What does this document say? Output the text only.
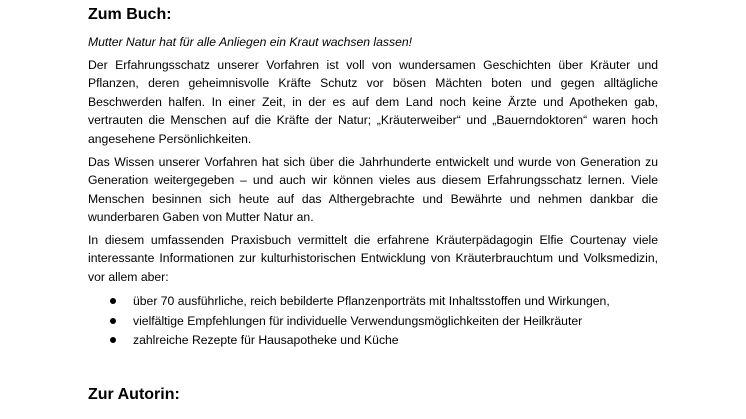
Zum Buch:

Mutter Natur hat für alle Anliegen ein Kraut wachsen lassen!

Der Erfahrungsschatz unserer Vorfahren ist voll von wundersamen Geschichten über Kräuter und Pflanzen, deren geheimnisvolle Kräfte Schutz vor bösen Mächten boten und gegen alltägliche Beschwerden halfen. In einer Zeit, in der es auf dem Land noch keine Ärzte und Apotheken gab, vertrauten die Menschen auf die Kräfte der Natur; „Kräuterweiber“ und „Bauerndoktoren“ waren hoch angesehene Persönlichkeiten.

Das Wissen unserer Vorfahren hat sich über die Jahrhunderte entwickelt und wurde von Generation zu Generation weitergegeben – und auch wir können vieles aus diesem Erfahrungsschatz lernen. Viele Menschen besinnen sich heute auf das Althergebrachte und Bewährte und nehmen dankbar die wunderbaren Gaben von Mutter Natur an.

In diesem umfassenden Praxisbuch vermittelt die erfahrene Kräuterpädagogin Elfie Courtenay viele interessante Informationen zur kulturhistorischen Entwicklung von Kräuterbrauchtum und Volksmedizin, vor allem aber:

über 70 ausführliche, reich bebilderte Pflanzenporträts mit Inhaltsstoffen und Wirkungen,
vielfältige Empfehlungen für individuelle Verwendungsmöglichkeiten der Heilkräuter
zahlreiche Rezepte für Hausapotheke und Küche
Zur Autorin:
